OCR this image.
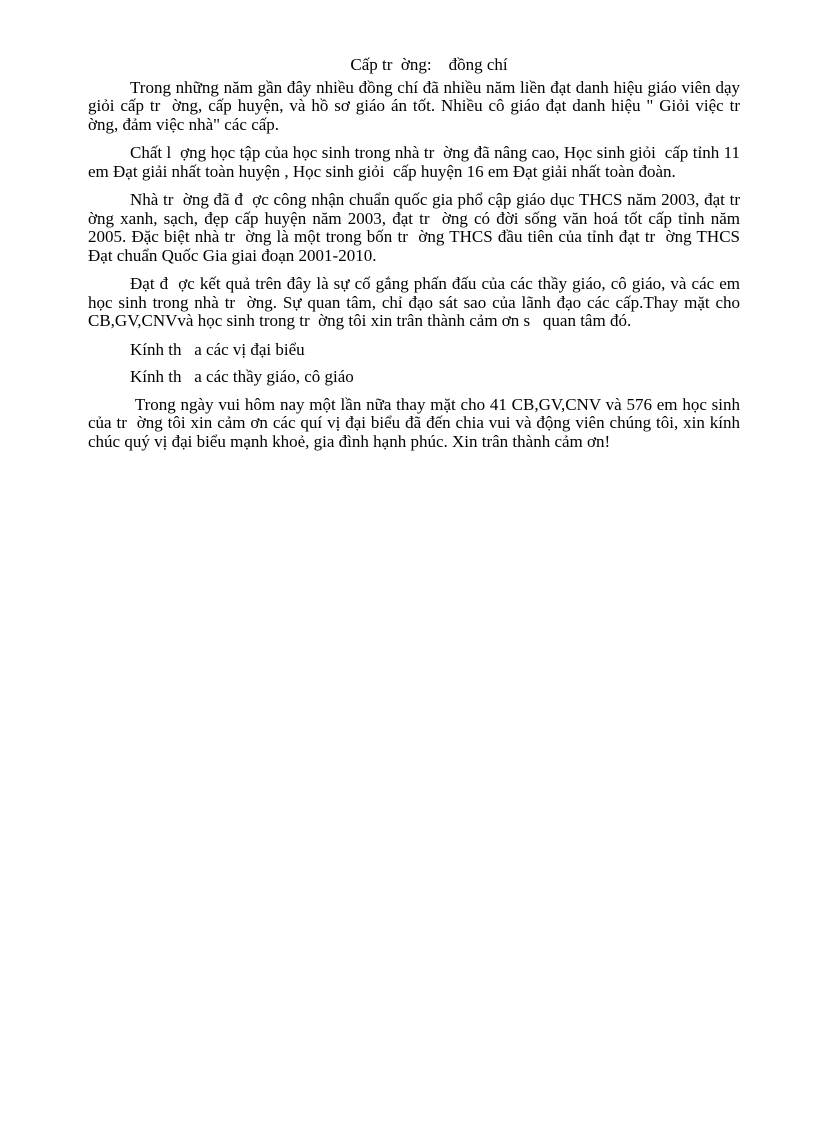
Cấp tr  ờng:    đồng chí

Trong những năm gần đây nhiều đồng chí đã nhiều năm liền đạt danh hiệu giáo viên dạy giỏi cấp tr  ờng, cấp huyện, và hồ sơ giáo án tốt. Nhiều cô giáo đạt danh hiệu " Giỏi việc tr  ờng, đảm việc nhà" các cấp.

Chất l  ợng học tập của học sinh trong nhà tr  ờng đã nâng cao, Học sinh giỏi  cấp tỉnh 11 em Đạt giải nhất toàn huyện , Học sinh giỏi  cấp huyện 16 em Đạt giải nhất toàn đoàn.

Nhà tr  ờng đã đ  ợc công nhận chuẩn quốc gia phổ cập giáo dục THCS năm 2003, đạt tr  ờng xanh, sạch, đẹp cấp huyện năm 2003, đạt tr  ờng có đời sống văn hoá tốt cấp tỉnh năm 2005. Đặc biệt nhà tr  ờng là một trong bốn tr  ờng THCS đầu tiên của tỉnh đạt tr  ờng THCS Đạt chuẩn Quốc Gia giai đoạn 2001-2010.

Đạt đ  ợc kết quả trên đây là sự cố gắng phấn đấu của các thầy giáo, cô giáo, và các em học sinh trong nhà tr  ờng. Sự quan tâm, chỉ đạo sát sao của lãnh đạo các cấp.Thay mặt cho CB,GV,CNVvà học sinh trong tr  ờng tôi xin trân thành cảm ơn s   quan tâm đó.

Kính th   a các vị đại biểu

Kính th   a các thầy giáo, cô giáo

Trong ngày vui hôm nay một lần nữa thay mặt cho 41 CB,GV,CNV và 576 em học sinh của tr  ờng tôi xin cảm ơn các quí vị đại biểu đã đến chia vui và động viên chúng tôi, xin kính chúc quý vị đại biểu mạnh khoẻ, gia đình hạnh phúc. Xin trân thành cảm ơn!
